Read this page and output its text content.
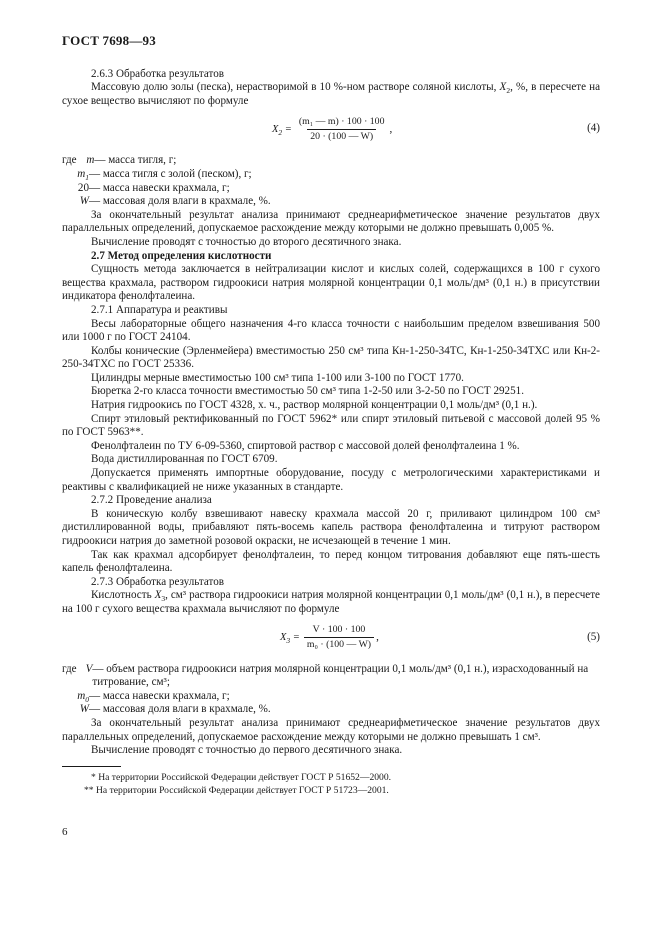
ГОСТ 7698—93

2.6.3 Обработка результатов

Массовую долю золы (песка), нерастворимой в 10 %-ном растворе соляной кислоты, $X_2$, %, в пересчете на сухое вещество вычисляют по формуле

$X_2 = \frac{\text{(m₁ — m) · 100 · 100}}{20 \cdot (100 — W)}$ ,	(4)
где m — масса тигля, г;
$m_1$ — масса тигля с золой (песком), г;
20 — масса навески крахмала, г;
W — массовая доля влаги в крахмале, %.

За окончательный результат анализа принимают среднеарифметическое значение результатов двух параллельных определений, допускаемое расхождение между которыми не должно превышать 0,005 %.

Вычисление проводят с точностью до второго десятичного знака.

2.7 Метод определения кислотности

Сущность метода заключается в нейтрализации кислот и кислых солей, содержащихся в 100 г сухого вещества крахмала, раствором гидроокиси натрия молярной концентрации 0,1 моль/дм³ (0,1 н.) в присутствии индикатора фенолфталеина.

2.7.1 Аппаратура и реактивы

Весы лабораторные общего назначения 4-го класса точности с наибольшим пределом взвешивания 500 или 1000 г по ГОСТ 24104.

Колбы конические (Эрленмейера) вместимостью 250 см³ типа Кн-1-250-34ТС, Кн-1-250-34ТХС или Кн-2-250-34ТХС по ГОСТ 25336.

Цилиндры мерные вместимостью 100 см³ типа 1-100 или 3-100 по ГОСТ 1770.

Бюретка 2-го класса точности вместимостью 50 см³ типа 1-2-50 или 3-2-50 по ГОСТ 29251.

Натрия гидроокись по ГОСТ 4328, х. ч., раствор молярной концентрации 0,1 моль/дм³ (0,1 н.).

Спирт этиловый ректификованный по ГОСТ 5962* или спирт этиловый питьевой с массовой долей 95 % по ГОСТ 5963**.

Фенолфталеин по ТУ 6-09-5360, спиртовой раствор с массовой долей фенолфталеина 1 %.

Вода дистиллированная по ГОСТ 6709.

Допускается применять импортные оборудование, посуду с метрологическими характеристиками и реактивы с квалификацией не ниже указанных в стандарте.

2.7.2 Проведение анализа

В коническую колбу взвешивают навеску крахмала массой 20 г, приливают цилиндром 100 см³ дистиллированной воды, прибавляют пять-восемь капель раствора фенолфталеина и титруют раствором гидроокиси натрия до заметной розовой окраски, не исчезающей в течение 1 мин.

Так как крахмал адсорбирует фенолфталеин, то перед концом титрования добавляют еще пять-шесть капель фенолфталеина.

2.7.3 Обработка результатов

Кислотность $X_3$, см³ раствора гидроокиси натрия молярной концентрации 0,1 моль/дм³ (0,1 н.), в пересчете на 100 г сухого вещества крахмала вычисляют по формуле

$X_3 = \frac{V \cdot 100 \cdot 100}{\text{m₀ · (100 — W)}}$ ,	(5)
где V — объем раствора гидроокиси натрия молярной концентрации 0,1 моль/дм³ (0,1 н.), израсходованный на титрование, см³;
$m_0$ — масса навески крахмала, г;
W — массовая доля влаги в крахмале, %.

За окончательный результат анализа принимают среднеарифметическое значение результатов двух параллельных определений, допускаемое расхождение между которыми не должно превышать 1 см³.

Вычисление проводят с точностью до первого десятичного знака.

* На территории Российской Федерации действует ГОСТ Р 51652—2000.

** На территории Российской Федерации действует ГОСТ Р 51723—2001.

6
